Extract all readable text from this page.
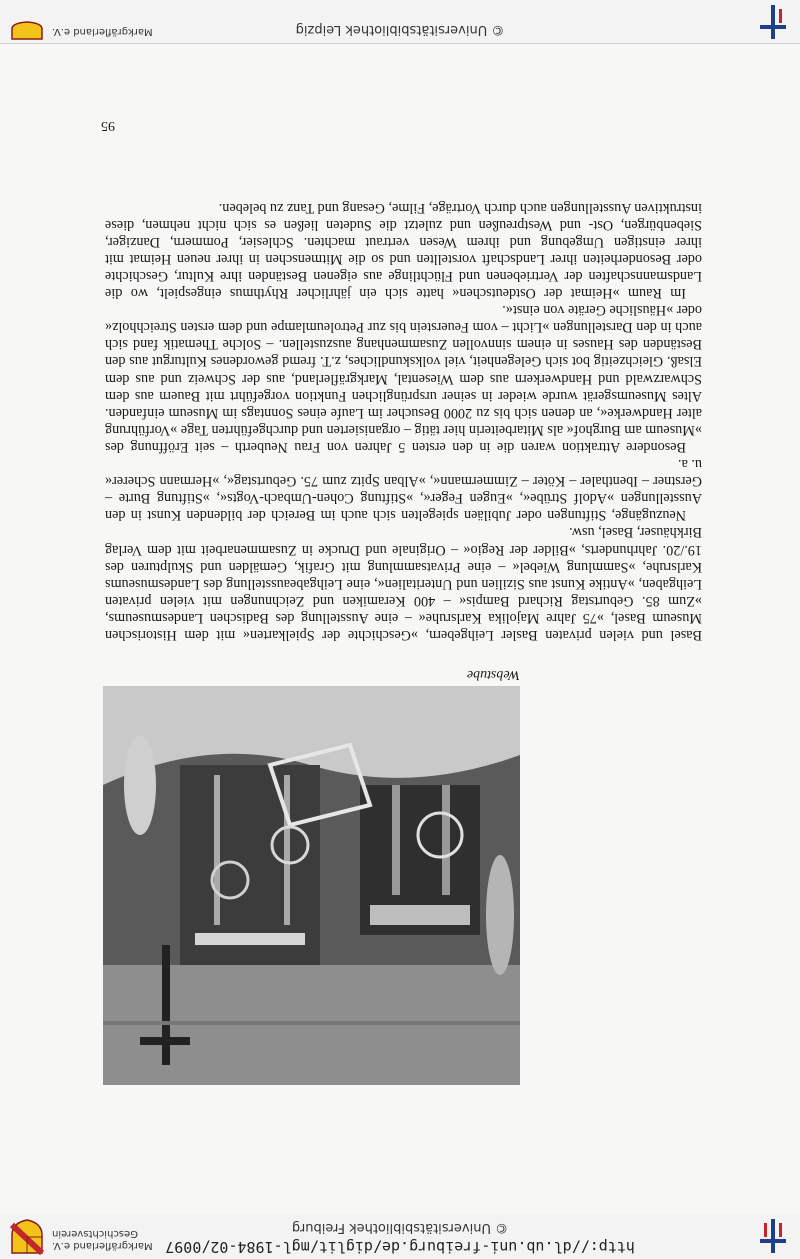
http://dl.ub.uni-freiburg.de/diglit/mgl-1984-02/0097
© Universitätsbibliothek Freiburg
Markgräflerland e.V.
Geschichtsverein
Webstube

Basel und vielen privaten Basler Leihgebern, »Geschichte der Spielkarten« mit dem Historischen Museum Basel, »75 Jahre Majolika Karlsruhe« – eine Ausstellung des Badischen Landesmuseums, »Zum 85. Geburtstag Richard Bampis« – 400 Keramiken und Zeichnungen mit vielen privaten Leihgaben, »Antike Kunst aus Sizilien und Unteritalien«, eine Leihgabeausstellung des Landesmuseums Karlsruhe, »Sammlung Wiebel« – eine Privatsammlung mit Grafik, Gemälden und Skulpturen des 19./20. Jahrhunderts, »Bilder der Regio« – Originale und Drucke in Zusammenarbeit mit dem Verlag Birkhäuser, Basel, usw.

Neuzugänge, Stiftungen oder Jubiläen spiegelten sich auch im Bereich der bildenden Kunst in den Ausstellungen »Adolf Strübe«, »Eugen Feger«, »Stiftung Cohen-Umbach-Vogts«, »Stiftung Burte – Gerstner – Ibenthaler – Köter – Zimmermann«, »Alban Spitz zum 75. Geburtstag«, »Hermann Scherer« u. a.

Besondere Attraktion waren die in den ersten 5 Jahren von Frau Neuberth – seit Eröffnung des »Museum am Burghof« als Mitarbeiterin hier tätig – organisierten und durchgeführten Tage »Vorführung alter Handwerke«, an denen sich bis zu 2000 Besucher im Laufe eines Sonntags im Museum einfanden. Altes Museumsgerät wurde wieder in seiner ursprünglichen Funktion vorgeführt mit Bauern aus dem Schwarzwald und Handwerkern aus dem Wiesental, Markgräflerland, aus der Schweiz und aus dem Elsaß. Gleichzeitig bot sich Gelegenheit, viel volkskundliches, z.T. fremd gewordenes Kulturgut aus den Beständen des Hauses in einem sinnvollen Zusammenhang auszustellen. – Solche Thematik fand sich auch in den Darstellungen »Licht – vom Feuerstein bis zur Petroleumlampe und dem ersten Streichholz« oder »Häusliche Geräte von einst«.

Im Raum »Heimat der Ostdeutschen« hatte sich ein jährlicher Rhythmus eingespielt, wo die Landsmannschaften der Vertriebenen und Flüchtlinge aus eigenen Beständen ihre Kultur, Geschichte oder Besonderheiten ihrer Landschaft vorstellten und so die Mitmenschen in ihrer neuen Heimat mit ihrer einstigen Umgebung und ihrem Wesen vertraut machten. Schlesier, Pommern, Danziger, Siebenbürgen, Ost- und Westpreußen und zuletzt die Sudeten ließen es sich nicht nehmen, diese instruktiven Ausstellungen auch durch Vorträge, Filme, Gesang und Tanz zu beleben.

95
© Universitätsbibliothek Leipzig
Markgräflerland e.V.
